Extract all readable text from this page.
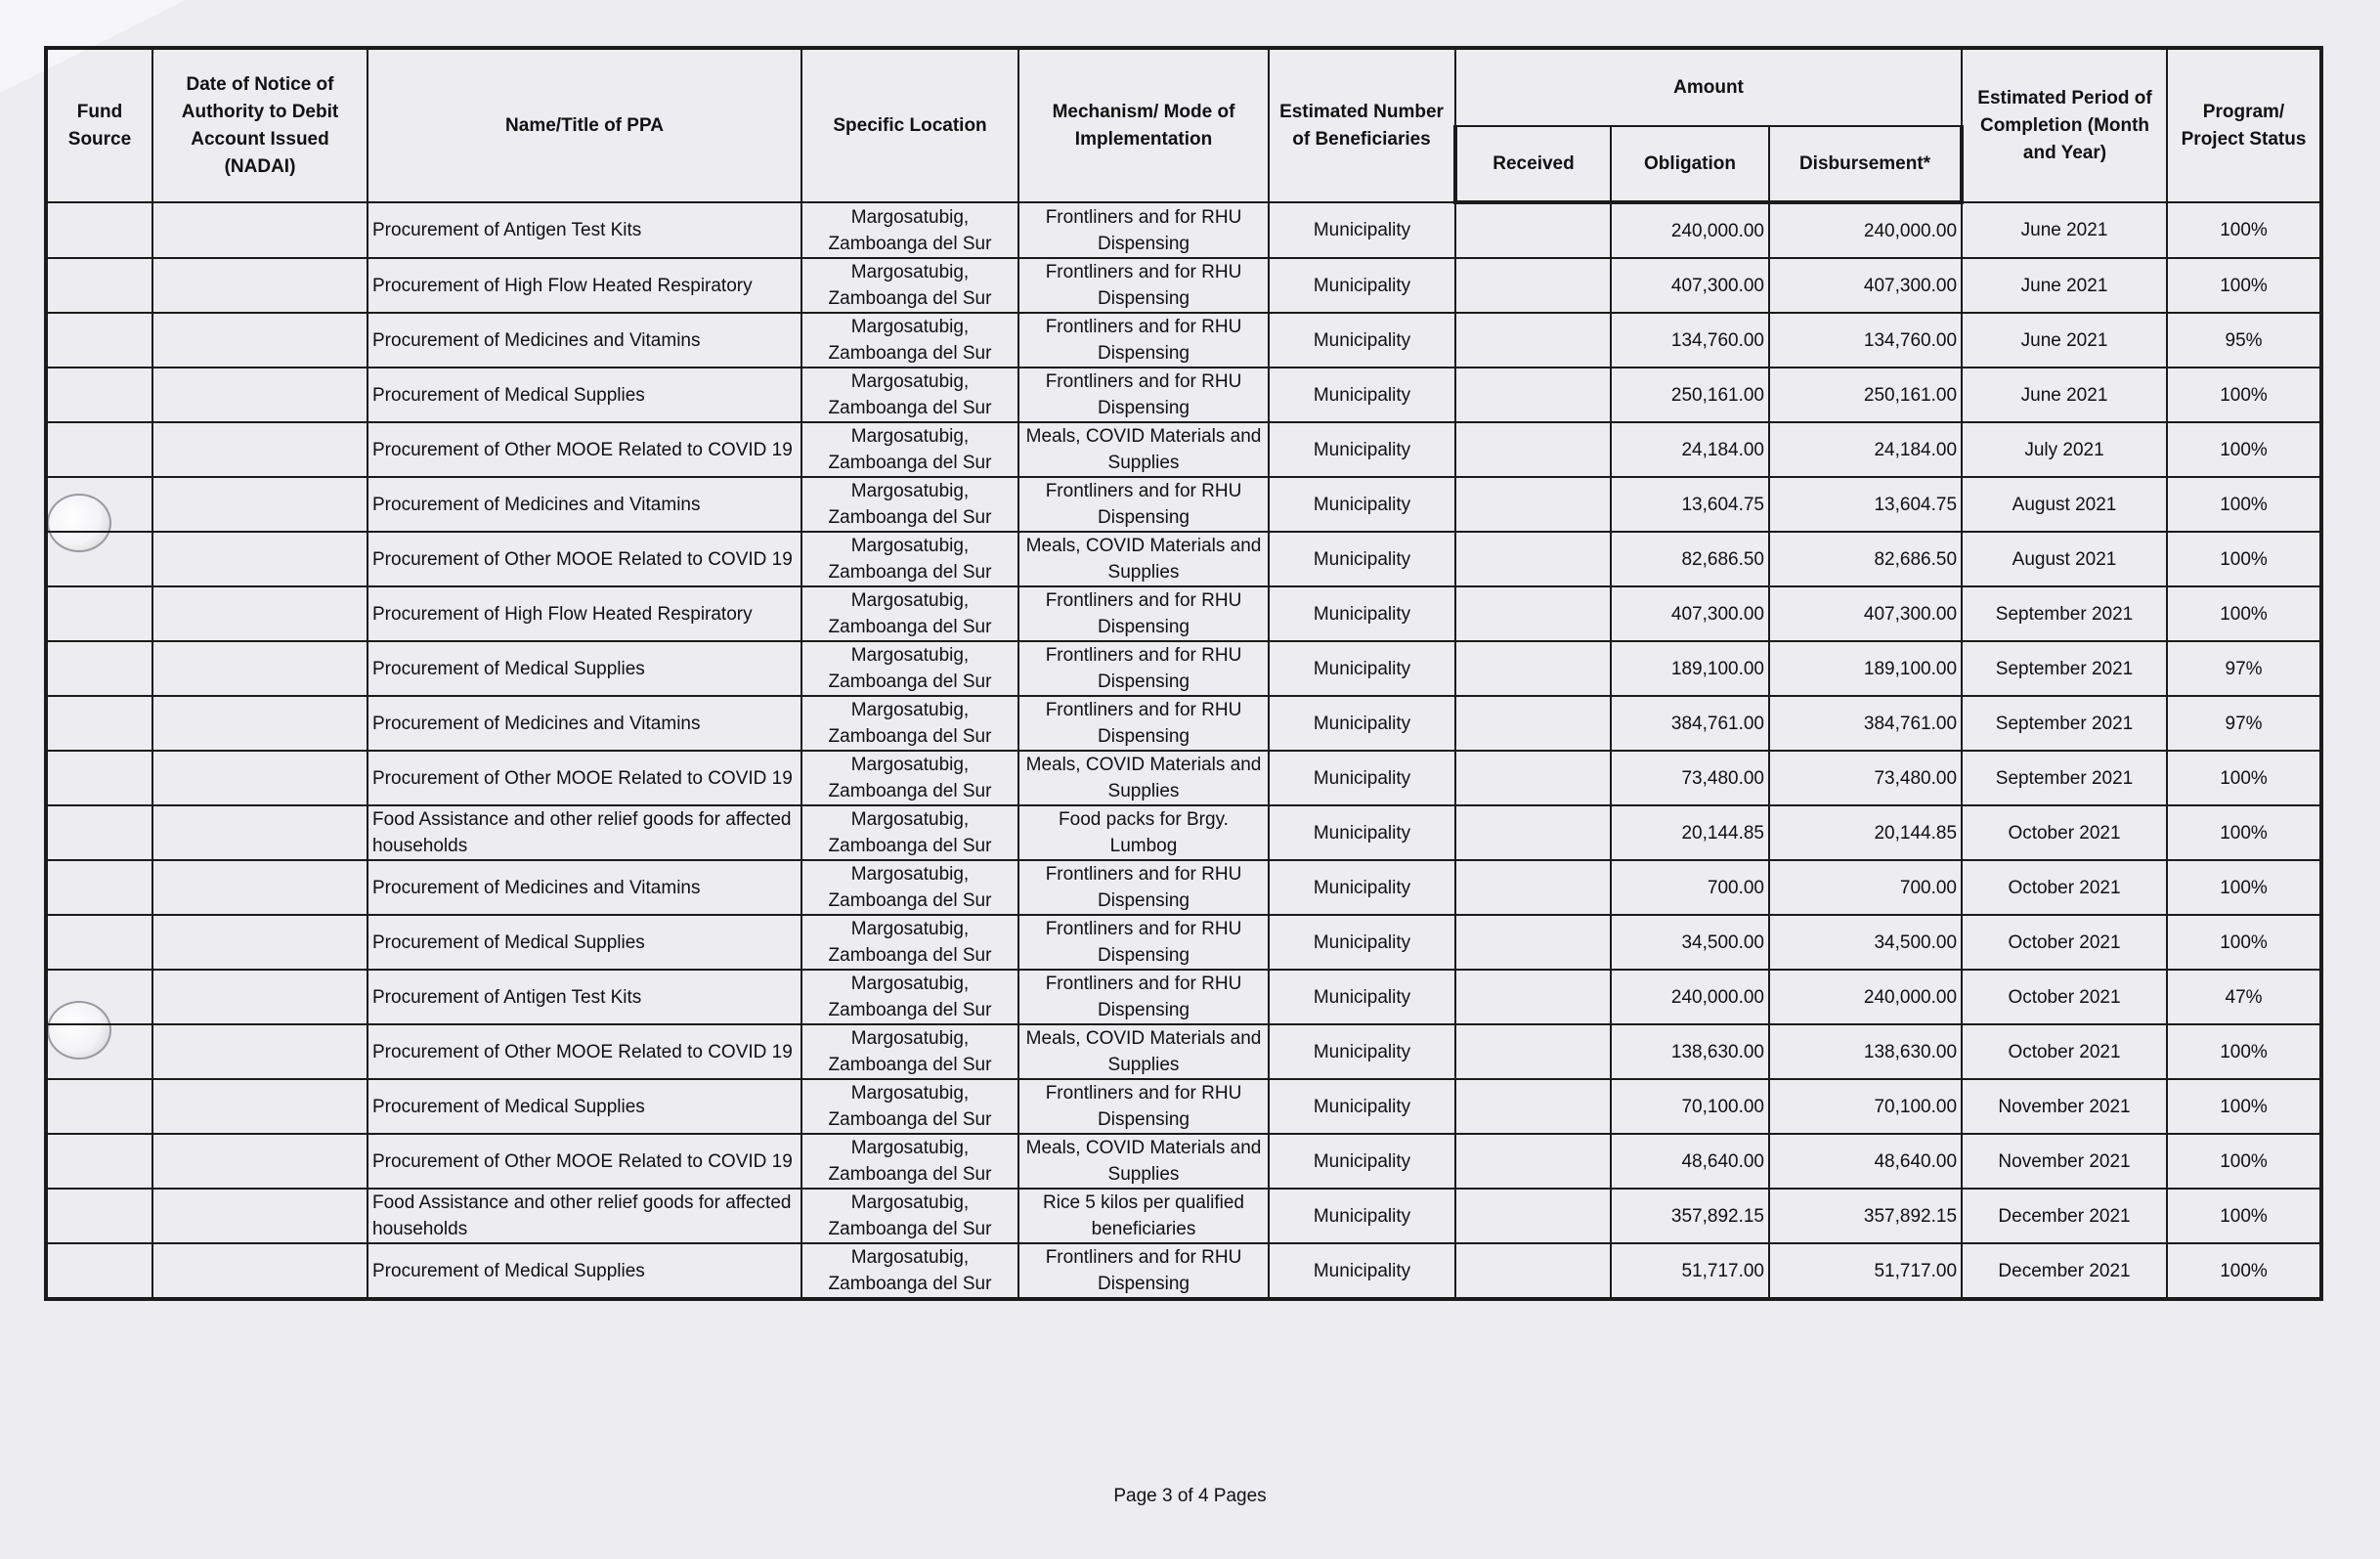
Fund Source	Date of Notice of Authority to Debit Account Issued (NADAI)	Name/Title of PPA	Specific Location	Mechanism/ Mode of Implementation	Estimated Number of Beneficiaries	Amount			Estimated Period of Completion (Month and Year)	Program/ Project Status
						Received	Obligation	Disbursement*		
		Procurement of Antigen Test Kits	Margosatubig, Zamboanga del Sur	Frontliners and for RHU Dispensing	Municipality		240,000.00	240,000.00	June 2021	100%
		Procurement of High Flow Heated Respiratory	Margosatubig, Zamboanga del Sur	Frontliners and for RHU Dispensing	Municipality		407,300.00	407,300.00	June 2021	100%
		Procurement of Medicines and Vitamins	Margosatubig, Zamboanga del Sur	Frontliners and for RHU Dispensing	Municipality		134,760.00	134,760.00	June 2021	95%
		Procurement of Medical Supplies	Margosatubig, Zamboanga del Sur	Frontliners and for RHU Dispensing	Municipality		250,161.00	250,161.00	June 2021	100%
		Procurement of Other MOOE Related to COVID 19	Margosatubig, Zamboanga del Sur	Meals, COVID Materials and Supplies	Municipality		24,184.00	24,184.00	July 2021	100%
		Procurement of Medicines and Vitamins	Margosatubig, Zamboanga del Sur	Frontliners and for RHU Dispensing	Municipality		13,604.75	13,604.75	August 2021	100%
		Procurement of Other MOOE Related to COVID 19	Margosatubig, Zamboanga del Sur	Meals, COVID Materials and Supplies	Municipality		82,686.50	82,686.50	August 2021	100%
		Procurement of High Flow Heated Respiratory	Margosatubig, Zamboanga del Sur	Frontliners and for RHU Dispensing	Municipality		407,300.00	407,300.00	September 2021	100%
		Procurement of Medical Supplies	Margosatubig, Zamboanga del Sur	Frontliners and for RHU Dispensing	Municipality		189,100.00	189,100.00	September 2021	97%
		Procurement of Medicines and Vitamins	Margosatubig, Zamboanga del Sur	Frontliners and for RHU Dispensing	Municipality		384,761.00	384,761.00	September 2021	97%
		Procurement of Other MOOE Related to COVID 19	Margosatubig, Zamboanga del Sur	Meals, COVID Materials and Supplies	Municipality		73,480.00	73,480.00	September 2021	100%
		Food Assistance and other relief goods for affected households	Margosatubig, Zamboanga del Sur	Food packs for Brgy. Lumbog	Municipality		20,144.85	20,144.85	October 2021	100%
		Procurement of Medicines and Vitamins	Margosatubig, Zamboanga del Sur	Frontliners and for RHU Dispensing	Municipality		700.00	700.00	October 2021	100%
		Procurement of Medical Supplies	Margosatubig, Zamboanga del Sur	Frontliners and for RHU Dispensing	Municipality		34,500.00	34,500.00	October 2021	100%
		Procurement of Antigen Test Kits	Margosatubig, Zamboanga del Sur	Frontliners and for RHU Dispensing	Municipality		240,000.00	240,000.00	October 2021	47%
		Procurement of Other MOOE Related to COVID 19	Margosatubig, Zamboanga del Sur	Meals, COVID Materials and Supplies	Municipality		138,630.00	138,630.00	October 2021	100%
		Procurement of Medical Supplies	Margosatubig, Zamboanga del Sur	Frontliners and for RHU Dispensing	Municipality		70,100.00	70,100.00	November 2021	100%
		Procurement of Other MOOE Related to COVID 19	Margosatubig, Zamboanga del Sur	Meals, COVID Materials and Supplies	Municipality		48,640.00	48,640.00	November 2021	100%
		Food Assistance and other relief goods for affected households	Margosatubig, Zamboanga del Sur	Rice 5 kilos per qualified beneficiaries	Municipality		357,892.15	357,892.15	December 2021	100%
		Procurement of Medical Supplies	Margosatubig, Zamboanga del Sur	Frontliners and for RHU Dispensing	Municipality		51,717.00	51,717.00	December 2021	100%
Page 3 of 4 Pages
